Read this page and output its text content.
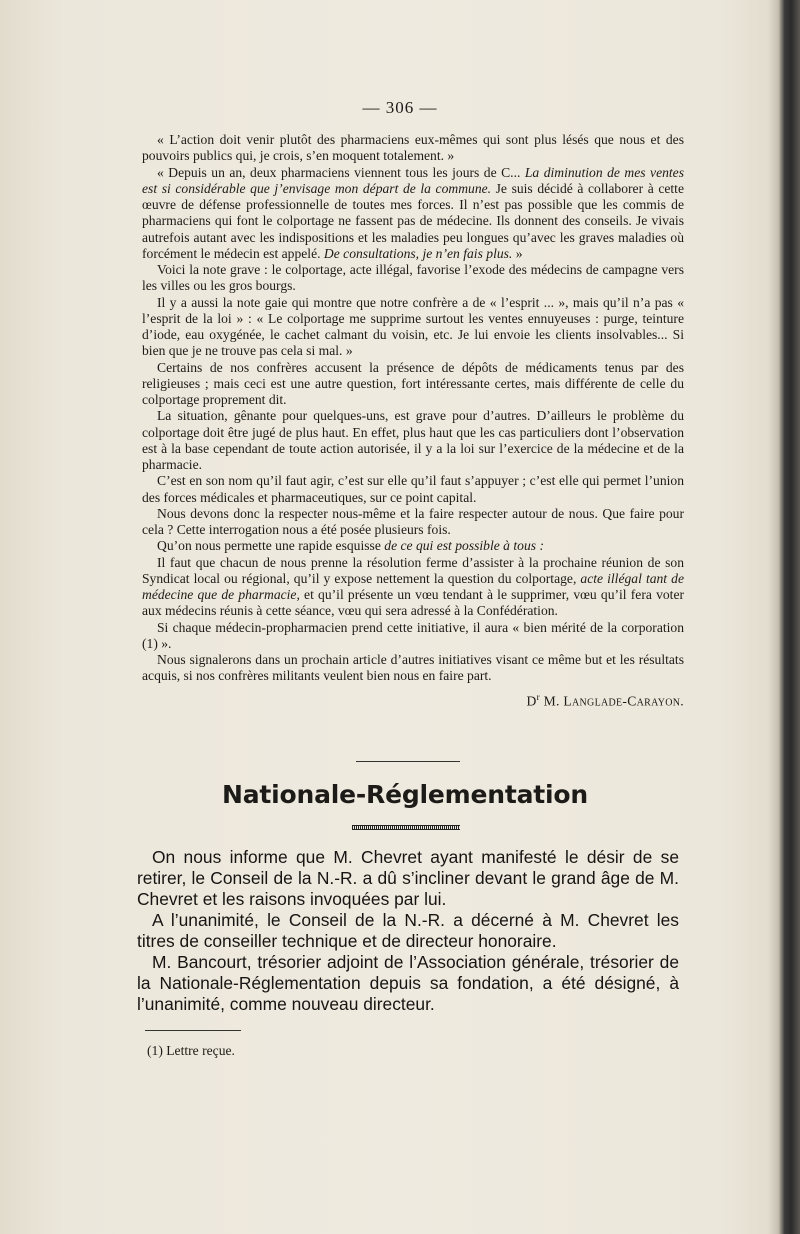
— 306 —

« L’action doit venir plutôt des pharmaciens eux-mêmes qui sont plus lésés que nous et des pouvoirs publics qui, je crois, s’en moquent totalement. »

« Depuis un an, deux pharmaciens viennent tous les jours de C... La diminution de mes ventes est si considérable que j’envisage mon départ de la commune. Je suis décidé à collaborer à cette œuvre de défense professionnelle de toutes mes forces. Il n’est pas possible que les commis de pharmaciens qui font le colportage ne fassent pas de médecine. Ils donnent des conseils. Je vivais autrefois autant avec les indispositions et les maladies peu longues qu’avec les graves maladies où forcément le médecin est appelé. De consultations, je n’en fais plus. »

Voici la note grave : le colportage, acte illégal, favorise l’exode des médecins de campagne vers les villes ou les gros bourgs.

Il y a aussi la note gaie qui montre que notre confrère a de « l’esprit ... », mais qu’il n’a pas « l’esprit de la loi » : « Le colportage me supprime surtout les ventes ennuyeuses : purge, teinture d’iode, eau oxygénée, le cachet calmant du voisin, etc. Je lui envoie les clients insolvables... Si bien que je ne trouve pas cela si mal. »

Certains de nos confrères accusent la présence de dépôts de médicaments tenus par des religieuses ; mais ceci est une autre question, fort intéressante certes, mais différente de celle du colportage proprement dit.

La situation, gênante pour quelques-uns, est grave pour d’autres. D’ailleurs le problème du colportage doit être jugé de plus haut. En effet, plus haut que les cas particuliers dont l’observation est à la base cependant de toute action autorisée, il y a la loi sur l’exercice de la médecine et de la pharmacie.

C’est en son nom qu’il faut agir, c’est sur elle qu’il faut s’appuyer ; c’est elle qui permet l’union des forces médicales et pharmaceutiques, sur ce point capital.

Nous devons donc la respecter nous-même et la faire respecter autour de nous. Que faire pour cela ? Cette interrogation nous a été posée plusieurs fois.

Qu’on nous permette une rapide esquisse de ce qui est possible à tous :

Il faut que chacun de nous prenne la résolution ferme d’assister à la prochaine réunion de son Syndicat local ou régional, qu’il y expose nettement la question du colportage, acte illégal tant de médecine que de pharmacie, et qu’il présente un vœu tendant à le supprimer, vœu qu’il fera voter aux médecins réunis à cette séance, vœu qui sera adressé à la Confédération.

Si chaque médecin-propharmacien prend cette initiative, il aura « bien mérité de la corporation (1) ».

Nous signalerons dans un prochain article d’autres initiatives visant ce même but et les résultats acquis, si nos confrères militants veulent bien nous en faire part.

$D^r$ M. Langlade-Carayon.
Nationale-Réglementation

On nous informe que M. Chevret ayant manifesté le désir de se retirer, le Conseil de la N.-R. a dû s’incliner devant le grand âge de M. Chevret et les raisons invoquées par lui.

A l’unanimité, le Conseil de la N.-R. a décerné à M. Chevret les titres de conseiller technique et de directeur honoraire.

M. Bancourt, trésorier adjoint de l’Association générale, trésorier de la Nationale-Réglementation depuis sa fondation, a été désigné, à l’unanimité, comme nouveau directeur.

(1) Lettre reçue.
